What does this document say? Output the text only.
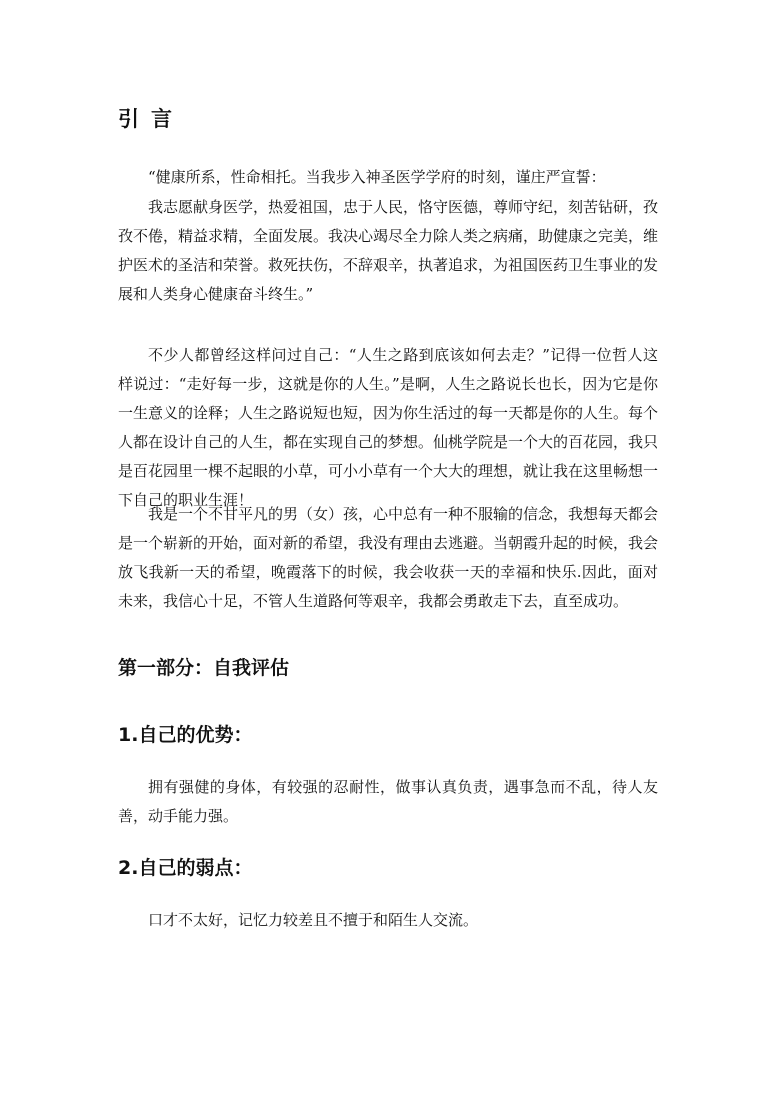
引言

“健康所系，性命相托。当我步入神圣医学学府的时刻，谨庄严宣誓：

我志愿献身医学，热爱祖国，忠于人民，恪守医德，尊师守纪，刻苦钻研，孜孜不倦，精益求精，全面发展。我决心竭尽全力除人类之病痛，助健康之完美，维护医术的圣洁和荣誉。救死扶伤，不辞艰辛，执著追求，为祖国医药卫生事业的发展和人类身心健康奋斗终生。”

不少人都曾经这样问过自己：“人生之路到底该如何去走？”记得一位哲人这样说过：“走好每一步，这就是你的人生。”是啊，人生之路说长也长，因为它是你一生意义的诠释；人生之路说短也短，因为你生活过的每一天都是你的人生。每个人都在设计自己的人生，都在实现自己的梦想。仙桃学院是一个大的百花园，我只是百花园里一棵不起眼的小草，可小小草有一个大大的理想，就让我在这里畅想一下自己的职业生涯！

我是一个不甘平凡的男（女）孩，心中总有一种不服输的信念，我想每天都会是一个崭新的开始，面对新的希望，我没有理由去逃避。当朝霞升起的时候，我会放飞我新一天的希望，晚霞落下的时候，我会收获一天的幸福和快乐.因此，面对未来，我信心十足，不管人生道路何等艰辛，我都会勇敢走下去，直至成功。

第一部分：自我评估
1.自己的优势：

拥有强健的身体，有较强的忍耐性，做事认真负责，遇事急而不乱，待人友善，动手能力强。

2.自己的弱点：

口才不太好，记忆力较差且不擅于和陌生人交流。
